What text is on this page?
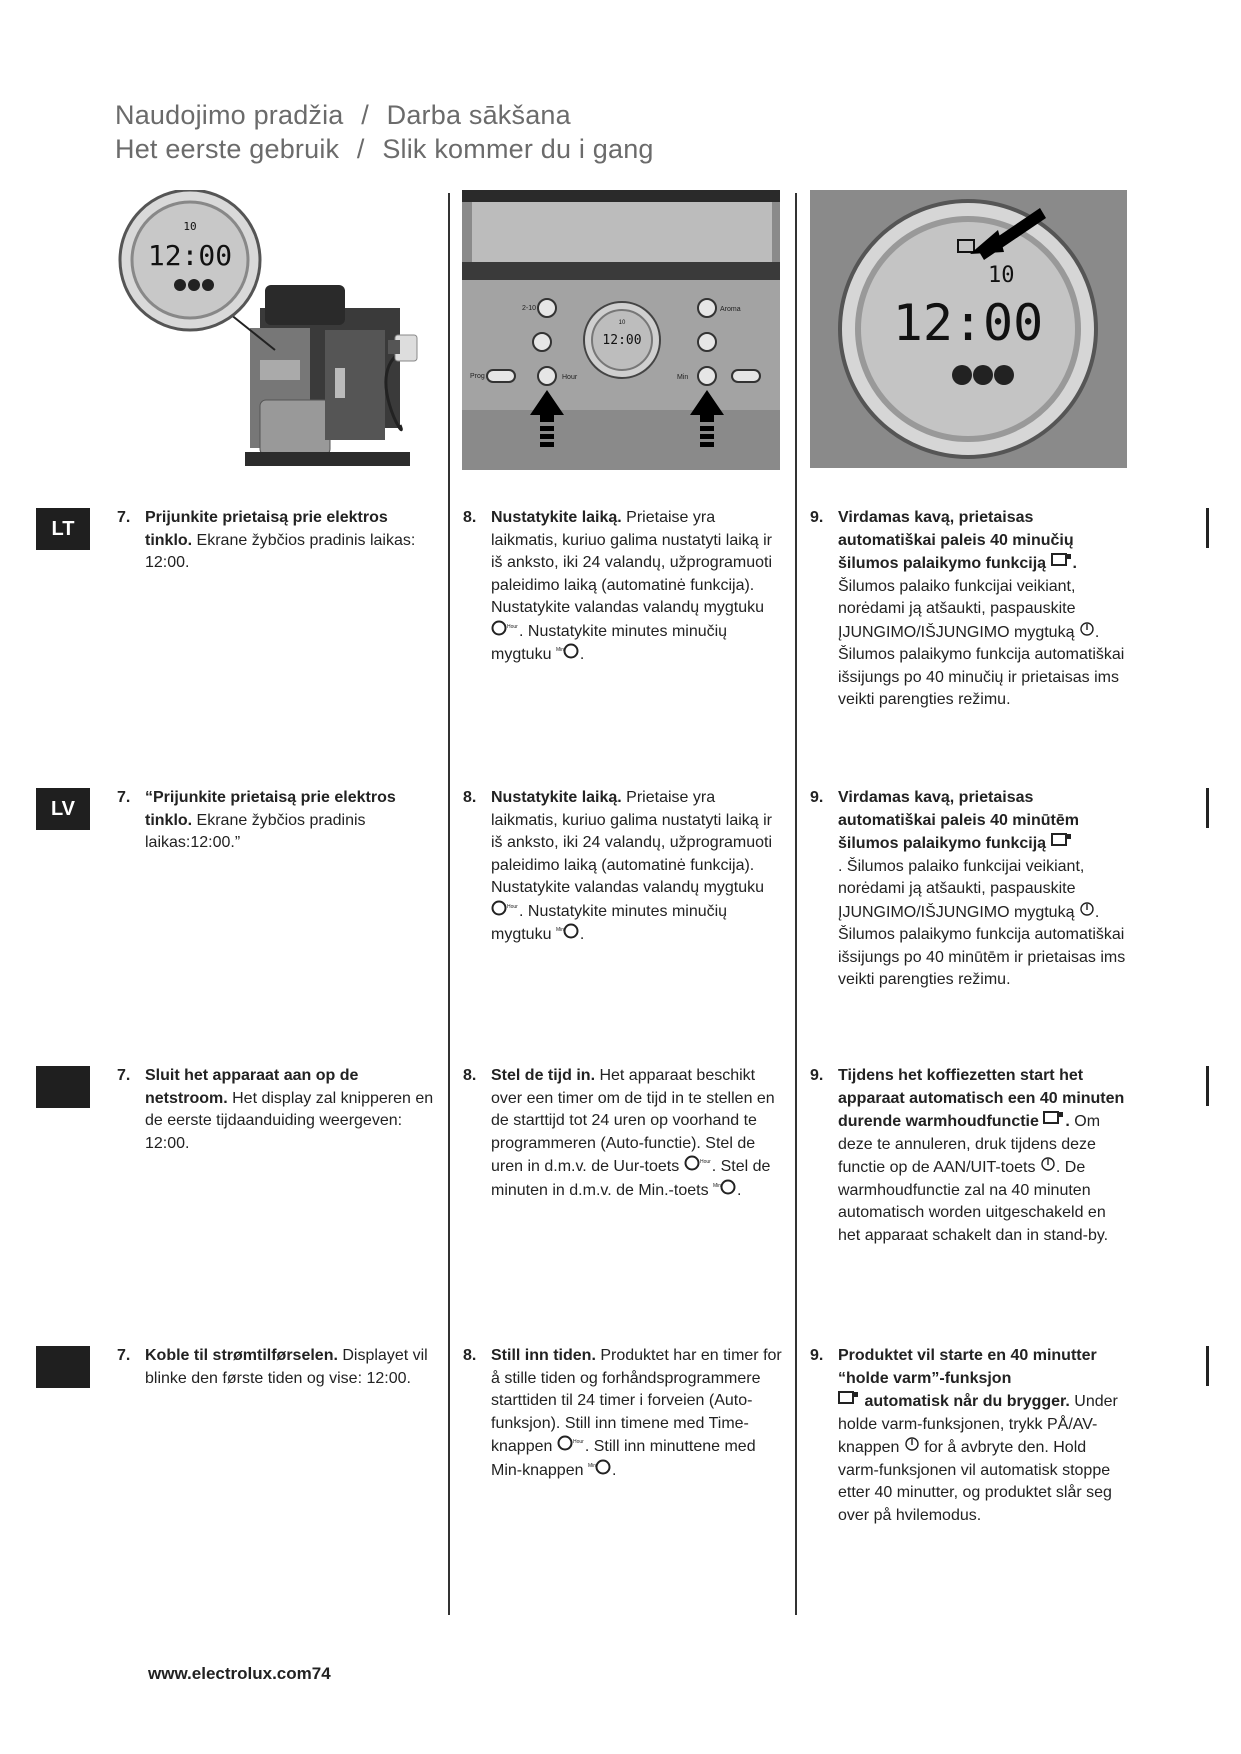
Naudojimo pradžia / Darba sākšana
Het eerste gebruik / Slik kommer du i gang
10
12:00
2-10	Aroma
Prog	Hour	Min
10
12:00
10
12:00
LT
LV
7. Prijunkite prietaisą prie elektros tinklo. Ekrane žybčios pradinis laikas: 12:00.
8. Nustatykite laiką. Prietaise yra laikmatis, kuriuo galima nustatyti laiką ir iš anksto, iki 24 valandų, užprogramuoti paleidimo laiką (automatinė funkcija). Nustatykite valandas valandų mygtuku
Hour . Nustatykite minutes minučių mygtuku Min .
9. Virdamas kavą, prietaisas automatiškai paleis 40 minučių šilumos palaikymo funkciją .
Šilumos palaiko funkcijai veikiant, norėdami ją atšaukti, paspauskite ĮJUNGIMO/IŠJUNGIMO mygtuką . Šilumos palaikymo funkcija automatiškai išsijungs po 40 minučių ir prietaisas ims veikti parengties režimu.
7. “Prijunkite prietaisą prie elektros tinklo. Ekrane žybčios pradinis laikas:12:00.”
8. Nustatykite laiką. Prietaise yra laikmatis, kuriuo galima nustatyti laiką ir iš anksto, iki 24 valandų, užprogramuoti paleidimo laiką (automatinė funkcija). Nustatykite valandas valandų mygtuku
Hour . Nustatykite minutes minučių mygtuku Min .
9. Virdamas kavą, prietaisas automatiškai paleis 40 minūtēm šilumos palaikymo funkciją
. Šilumos palaiko funkcijai veikiant, norėdami ją atšaukti, paspauskite ĮJUNGIMO/IŠJUNGIMO mygtuką . Šilumos palaikymo funkcija automatiškai išsijungs po 40 minūtēm ir prietaisas ims veikti parengties režimu.
7. Sluit het apparaat aan op de netstroom. Het display zal knipperen en de eerste tijdaanduiding weergeven: 12:00.
8. Stel de tijd in. Het apparaat beschikt over een timer om de tijd in te stellen en de starttijd tot 24 uren op voorhand te programmeren (Auto-functie). Stel de uren in d.m.v. de Uur-toets	Hour . Stel de minuten in d.m.v. de Min.-toets Min .
9. Tijdens het koffiezetten start het apparaat automatisch een 40 minuten durende warmhoudfunctie . Om deze te annuleren, druk tijdens deze functie op de AAN/UIT-toets . De warmhoudfunctie zal na 40 minuten automatisch worden uitgeschakeld en het apparaat schakelt dan in stand-by.
7. Koble til strømtilførselen. Displayet vil blinke den første tiden og vise: 12:00.
8. Still inn tiden. Produktet har en timer for å stille tiden og forhåndsprogrammere starttiden til 24 timer i forveien (Auto-funksjon). Still inn timene med Time-knappen	Hour . Still inn minuttene med Min-knappen Min .
9. Produktet vil starte en 40 minutter “holde varm”-funksjon
automatisk når du brygger. Under holde varm-funksjonen, trykk PÅ/AV-knappen  for å avbryte den. Hold varm-funksjonen vil automatisk stoppe etter 40 minutter, og produktet slår seg over på hvilemodus.
www.electrolux.com74
